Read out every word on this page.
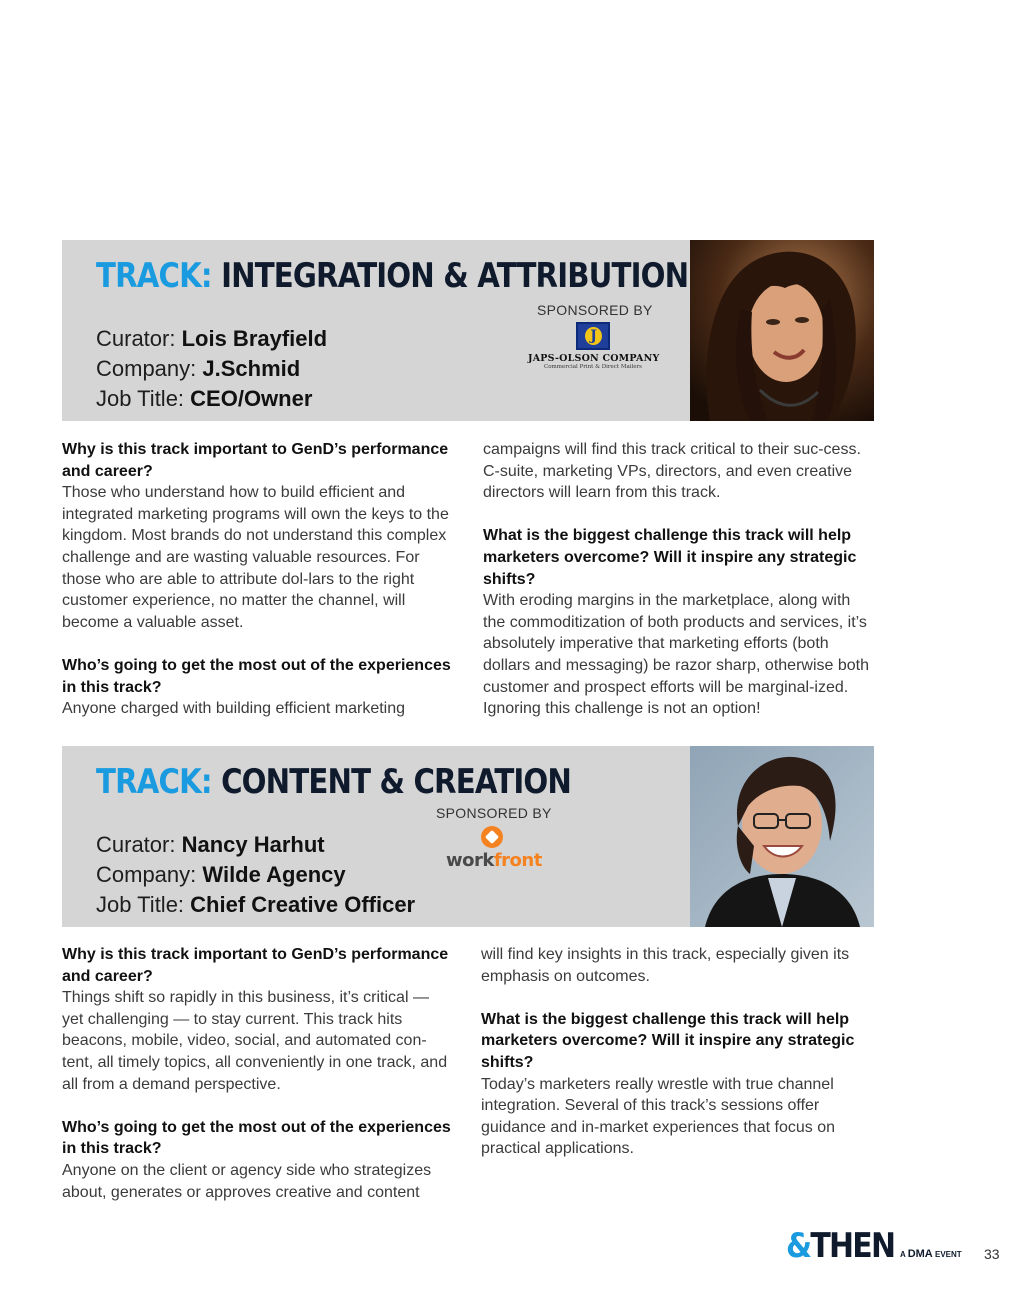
TRACK: INTEGRATION & ATTRIBUTION
Curator: Lois Brayfield
Company: J.Schmid
Job Title: CEO/Owner
SPONSORED BY
J
JAPS-OLSON COMPANY
Commercial Print & Direct Mailers

Why is this track important to GenD’s performance and career?

Those who understand how to build efficient and integrated marketing programs will own the keys to the kingdom. Most brands do not understand this complex challenge and are wasting valuable resources. For those who are able to attribute dol-lars to the right customer experience, no matter the channel, will become a valuable asset.

Who’s going to get the most out of the experiences in this track?

Anyone charged with building efficient marketing

campaigns will find this track critical to their suc-cess. C-suite, marketing VPs, directors, and even creative directors will learn from this track.

What is the biggest challenge this track will help marketers overcome? Will it inspire any strategic shifts?

With eroding margins in the marketplace, along with the commoditization of both products and services, it’s absolutely imperative that marketing efforts (both dollars and messaging) be razor sharp, otherwise both customer and prospect efforts will be marginal-ized. Ignoring this challenge is not an option!

TRACK: CONTENT & CREATION
Curator: Nancy Harhut
Company: Wilde Agency
Job Title: Chief Creative Officer
SPONSORED BY
workfront

Why is this track important to GenD’s performance and career?

Things shift so rapidly in this business, it’s critical — yet challenging — to stay current. This track hits beacons, mobile, video, social, and automated con-tent, all timely topics, all conveniently in one track, and all from a demand perspective.

Who’s going to get the most out of the experiences in this track?

Anyone on the client or agency side who strategizes about, generates or approves creative and content

will find key insights in this track, especially given its emphasis on outcomes.

What is the biggest challenge this track will help marketers overcome? Will it inspire any strategic shifts?

Today’s marketers really wrestle with true channel integration. Several of this track’s sessions offer guidance and in-market experiences that focus on practical applications.

&THEN A DMA EVENT 33
